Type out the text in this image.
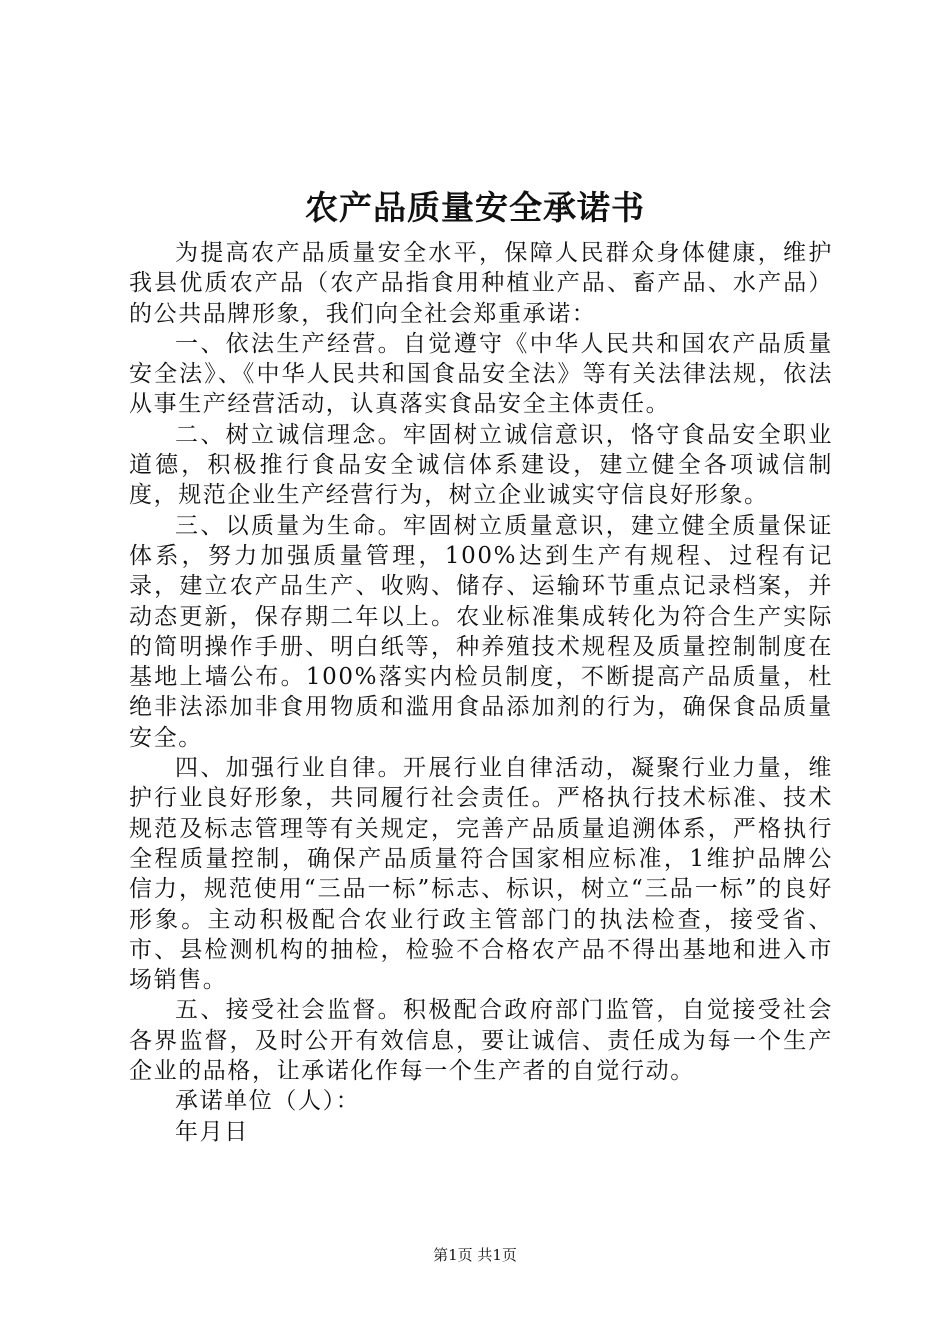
农产品质量安全承诺书

为提高农产品质量安全水平，保障人民群众身体健康，维护我县优质农产品（农产品指食用种植业产品、畜产品、水产品）的公共品牌形象，我们向全社会郑重承诺：

一、依法生产经营。自觉遵守《中华人民共和国农产品质量安全法》、《中华人民共和国食品安全法》等有关法律法规，依法从事生产经营活动，认真落实食品安全主体责任。

二、树立诚信理念。牢固树立诚信意识，恪守食品安全职业道德，积极推行食品安全诚信体系建设，建立健全各项诚信制度，规范企业生产经营行为，树立企业诚实守信良好形象。

三、以质量为生命。牢固树立质量意识，建立健全质量保证体系，努力加强质量管理，100%达到生产有规程、过程有记录，建立农产品生产、收购、储存、运输环节重点记录档案，并动态更新，保存期二年以上。农业标准集成转化为符合生产实际的简明操作手册、明白纸等，种养殖技术规程及质量控制制度在基地上墙公布。100%落实内检员制度，不断提高产品质量，杜绝非法添加非食用物质和滥用食品添加剂的行为，确保食品质量安全。

四、加强行业自律。开展行业自律活动，凝聚行业力量，维护行业良好形象，共同履行社会责任。严格执行技术标准、技术规范及标志管理等有关规定，完善产品质量追溯体系，严格执行全程质量控制，确保产品质量符合国家相应标准，1维护品牌公信力，规范使用“三品一标”标志、标识，树立“三品一标”的良好形象。主动积极配合农业行政主管部门的执法检查，接受省、市、县检测机构的抽检，检验不合格农产品不得出基地和进入市场销售。

五、接受社会监督。积极配合政府部门监管，自觉接受社会各界监督，及时公开有效信息，要让诚信、责任成为每一个生产企业的品格，让承诺化作每一个生产者的自觉行动。

承诺单位（人）：

年月日

第1页 共1页
